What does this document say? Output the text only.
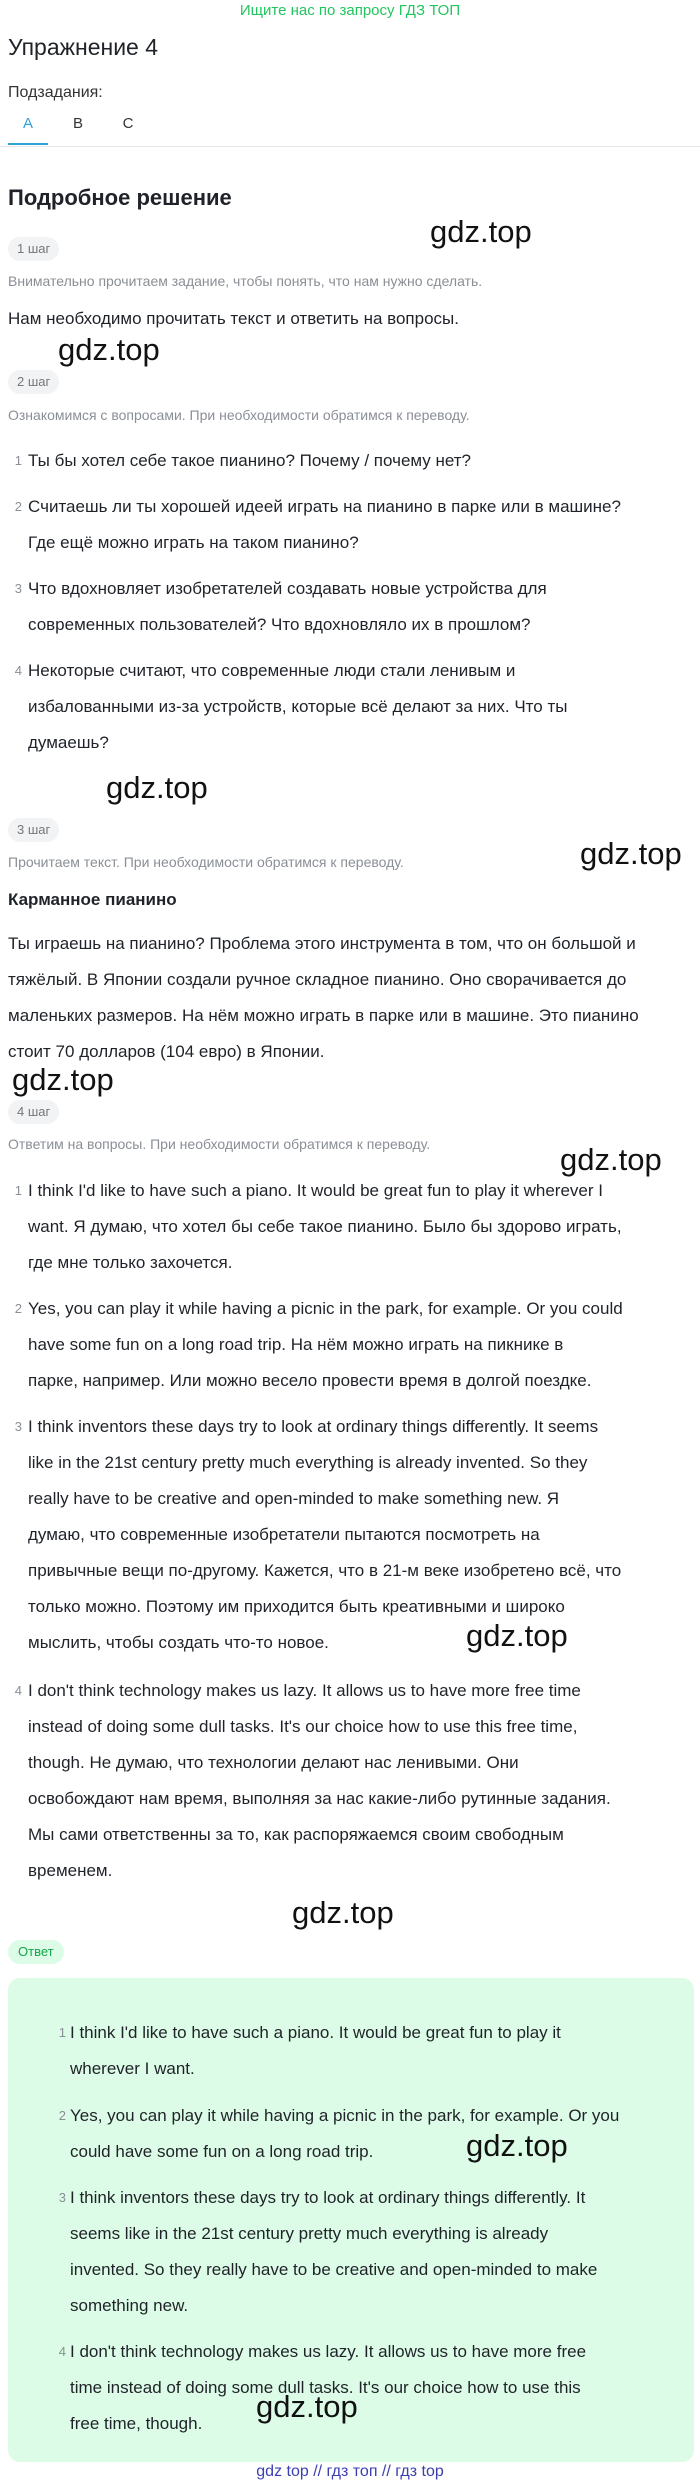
Ищите нас по запросу ГДЗ ТОП
Упражнение 4
Подзадания:
A	B	C
Подробное решение
1 шаг
Внимательно прочитаем задание, чтобы понять, что нам нужно сделать.
Нам необходимо прочитать текст и ответить на вопросы.
2 шаг
Ознакомимся с вопросами. При необходимости обратимся к переводу.
1 Ты бы хотел себе такое пианино? Почему / почему нет?
2 Считаешь ли ты хорошей идеей играть на пианино в парке или в машине?
Где ещё можно играть на таком пианино?
3 Что вдохновляет изобретателей создавать новые устройства для
современных пользователей? Что вдохновляло их в прошлом?
4 Некоторые считают, что современные люди стали ленивым и
избалованными из-за устройств, которые всё делают за них. Что ты
думаешь?
3 шаг
Прочитаем текст. При необходимости обратимся к переводу.
Карманное пианино
Ты играешь на пианино? Проблема этого инструмента в том, что он большой и
тяжёлый. В Японии создали ручное складное пианино. Оно сворачивается до
маленьких размеров. На нём можно играть в парке или в машине. Это пианино
стоит 70 долларов (104 евро) в Японии.
4 шаг
Ответим на вопросы. При необходимости обратимся к переводу.
1 I think I'd like to have such a piano. It would be great fun to play it wherever I
want. Я думаю, что хотел бы себе такое пианино. Было бы здорово играть,
где мне только захочется.
2 Yes, you can play it while having a picnic in the park, for example. Or you could
have some fun on a long road trip. На нём можно играть на пикнике в
парке, например. Или можно весело провести время в долгой поездке.
3 I think inventors these days try to look at ordinary things differently. It seems
like in the 21st century pretty much everything is already invented. So they
really have to be creative and open-minded to make something new. Я
думаю, что современные изобретатели пытаются посмотреть на
привычные вещи по-другому. Кажется, что в 21-м веке изобретено всё, что
только можно. Поэтому им приходится быть креативными и широко
мыслить, чтобы создать что-то новое.
4 I don't think technology makes us lazy. It allows us to have more free time
instead of doing some dull tasks. It's our choice how to use this free time,
though. Не думаю, что технологии делают нас ленивыми. Они
освобождают нам время, выполняя за нас какие-либо рутинные задания.
Мы сами ответственны за то, как распоряжаемся своим свободным
временем.
Ответ
1 I think I'd like to have such a piano. It would be great fun to play it
wherever I want.
2 Yes, you can play it while having a picnic in the park, for example. Or you
could have some fun on a long road trip.
3 I think inventors these days try to look at ordinary things differently. It
seems like in the 21st century pretty much everything is already
invented. So they really have to be creative and open-minded to make
something new.
4 I don't think technology makes us lazy. It allows us to have more free
time instead of doing some dull tasks. It's our choice how to use this
free time, though.
gdz.top
gdz.top
gdz.top
gdz.top
gdz.top
gdz.top
gdz.top
gdz.top
gdz.top
gdz.top
gdz top // гдз топ // гдз top
